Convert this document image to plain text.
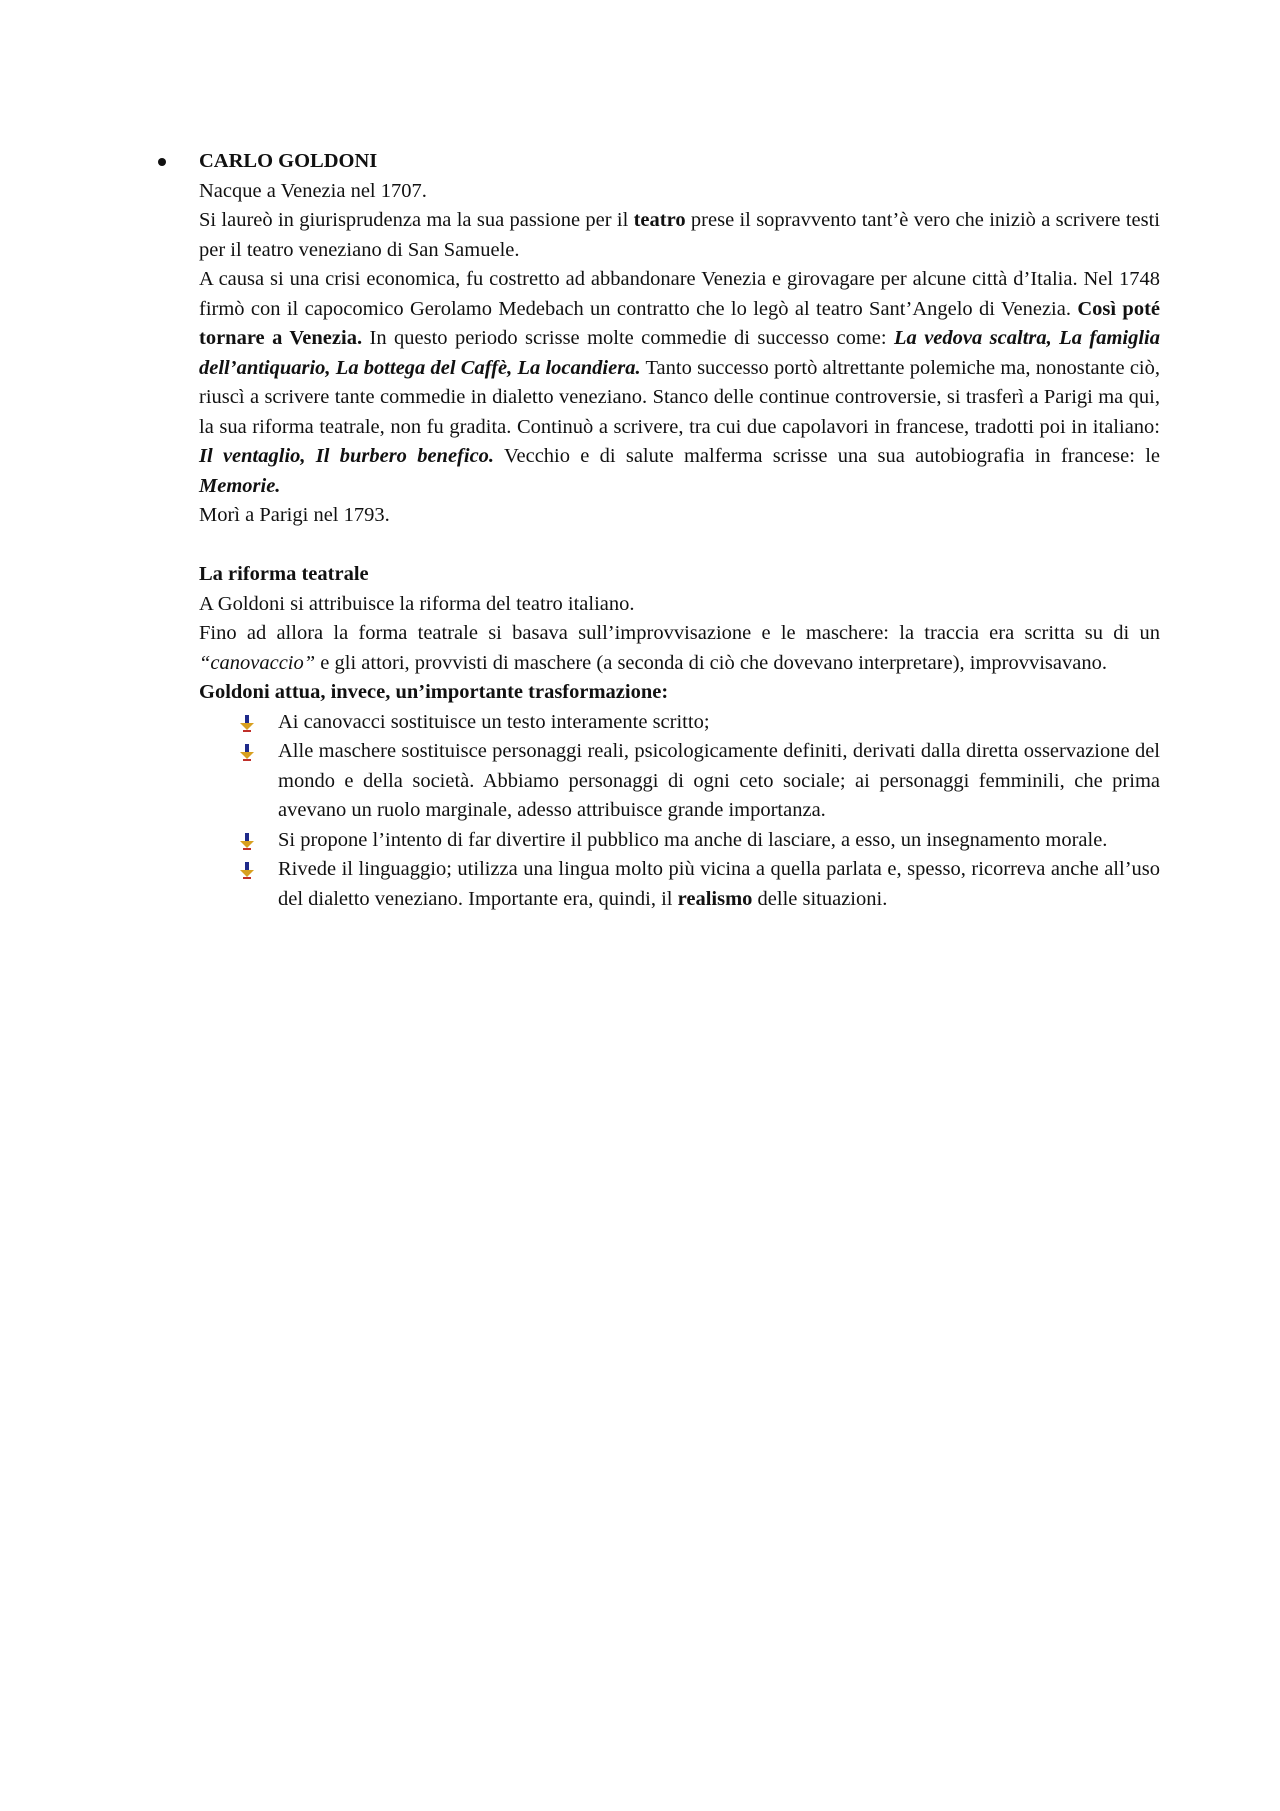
CARLO GOLDONI

Nacque a Venezia nel 1707.

Si laureò in giurisprudenza ma la sua passione per il teatro prese il sopravvento tant’è vero che iniziò a scrivere testi per il teatro veneziano di San Samuele.

A causa si una crisi economica, fu costretto ad abbandonare Venezia e girovagare per alcune città d’Italia. Nel 1748 firmò con il capocomico Gerolamo Medebach un contratto che lo legò al teatro Sant’Angelo di Venezia. Così poté tornare a Venezia. In questo periodo scrisse molte commedie di successo come: La vedova scaltra, La famiglia dell’antiquario, La bottega del Caffè, La locandiera. Tanto successo portò altrettante polemiche ma, nonostante ciò, riuscì a scrivere tante commedie in dialetto veneziano. Stanco delle continue controversie, si trasferì a Parigi ma qui, la sua riforma teatrale, non fu gradita. Continuò a scrivere, tra cui due capolavori in francese, tradotti poi in italiano: Il ventaglio, Il burbero benefico. Vecchio e di salute malferma scrisse una sua autobiografia in francese: le Memorie.

Morì a Parigi nel 1793.

La riforma teatrale

A Goldoni si attribuisce la riforma del teatro italiano.

Fino ad allora la forma teatrale si basava sull’improvvisazione e le maschere: la traccia era scritta su di un “canovaccio” e gli attori, provvisti di maschere (a seconda di ciò che dovevano interpretare), improvvisavano.

Goldoni attua, invece, un’importante trasformazione:

Ai canovacci sostituisce un testo interamente scritto;

Alle maschere sostituisce personaggi reali, psicologicamente definiti, derivati dalla diretta osservazione del mondo e della società. Abbiamo personaggi di ogni ceto sociale; ai personaggi femminili, che prima avevano un ruolo marginale, adesso attribuisce grande importanza.

Si propone l’intento di far divertire il pubblico ma anche di lasciare, a esso, un insegnamento morale.

Rivede il linguaggio; utilizza una lingua molto più vicina a quella parlata e, spesso, ricorreva anche all’uso del dialetto veneziano. Importante era, quindi, il realismo delle situazioni.
